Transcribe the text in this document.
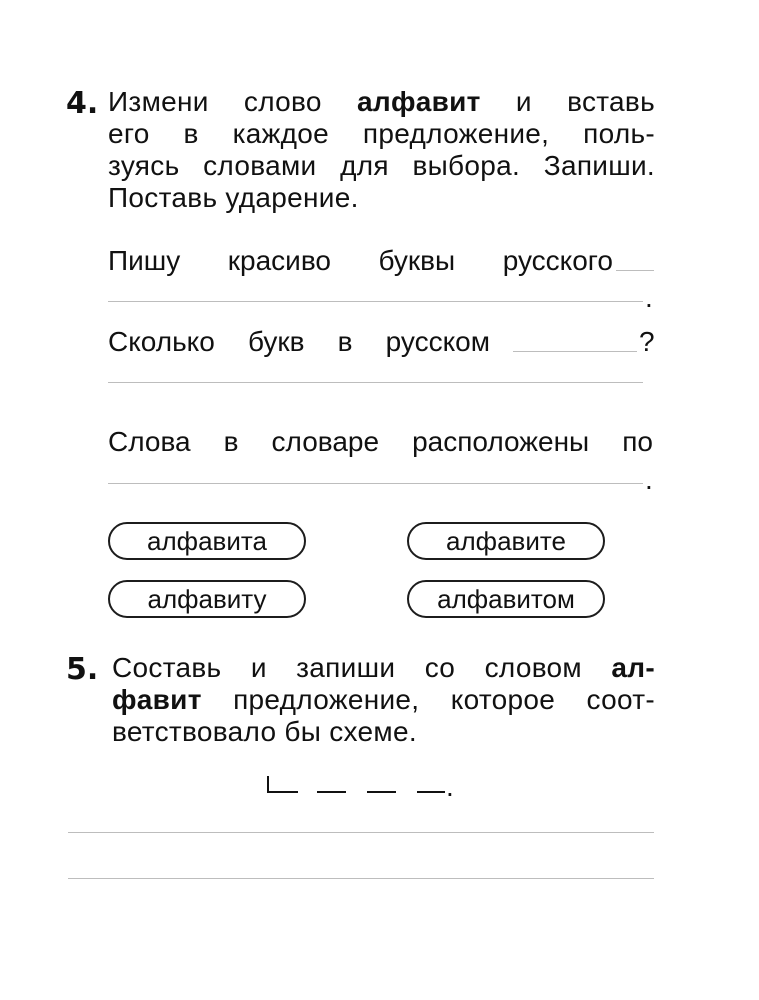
4. Измени слово алфавит и вставь
его в каждое предложение, поль-
зуясь словами для выбора. Запиши.
Поставь ударение.
Пишу красиво буквы русского
.
Сколько букв в русском	?
Слова в словаре расположены по
.
алфавита	алфавите
алфавиту	алфавитом
5. Составь и запиши со словом ал-
фавит предложение, которое соот-
ветствовало бы схеме.
.
